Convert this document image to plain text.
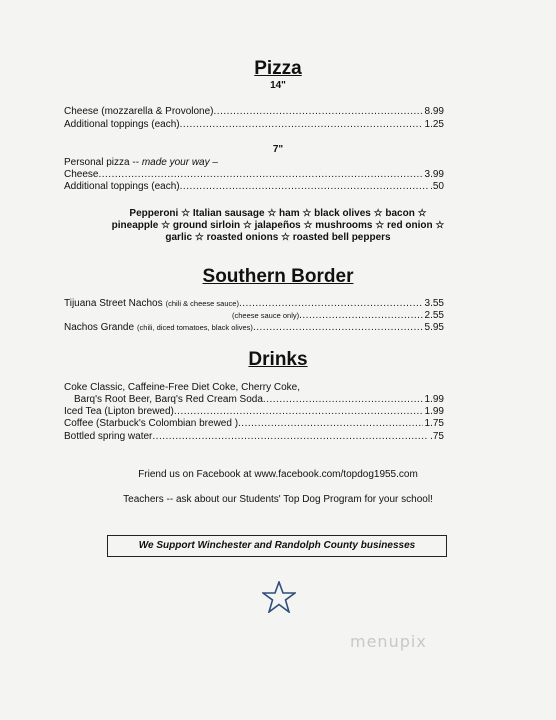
Pizza
14"
Cheese (mozzarella & Provolone) .....	8.99
Additional toppings (each) .....	1.25
7"
Personal pizza -- made your way –
Cheese .....	3.99
Additional toppings (each) .....	.50
Pepperoni ☆ Italian sausage ☆ ham ☆ black olives ☆ bacon ☆
pineapple ☆ ground sirloin ☆ jalapeños ☆ mushrooms ☆ red onion ☆
garlic ☆ roasted onions ☆ roasted bell peppers
Southern Border
Tijuana Street Nachos (chili & cheese sauce) .....	3.55
(cheese sauce only) .....	2.55
Nachos Grande (chili, diced tomatoes, black olives) .....	5.95
Drinks
Coke Classic, Caffeine-Free Diet Coke, Cherry Coke,
Barq's Root Beer, Barq's Red Cream Soda .....	1.99
Iced Tea (Lipton brewed) .....	1.99
Coffee (Starbuck's Colombian brewed ) .....	1.75
Bottled spring water .....	.75
Friend us on Facebook at www.facebook.com/topdog1955.com
Teachers -- ask about our Students' Top Dog Program for your school!
We Support Winchester and Randolph County businesses
menupix
